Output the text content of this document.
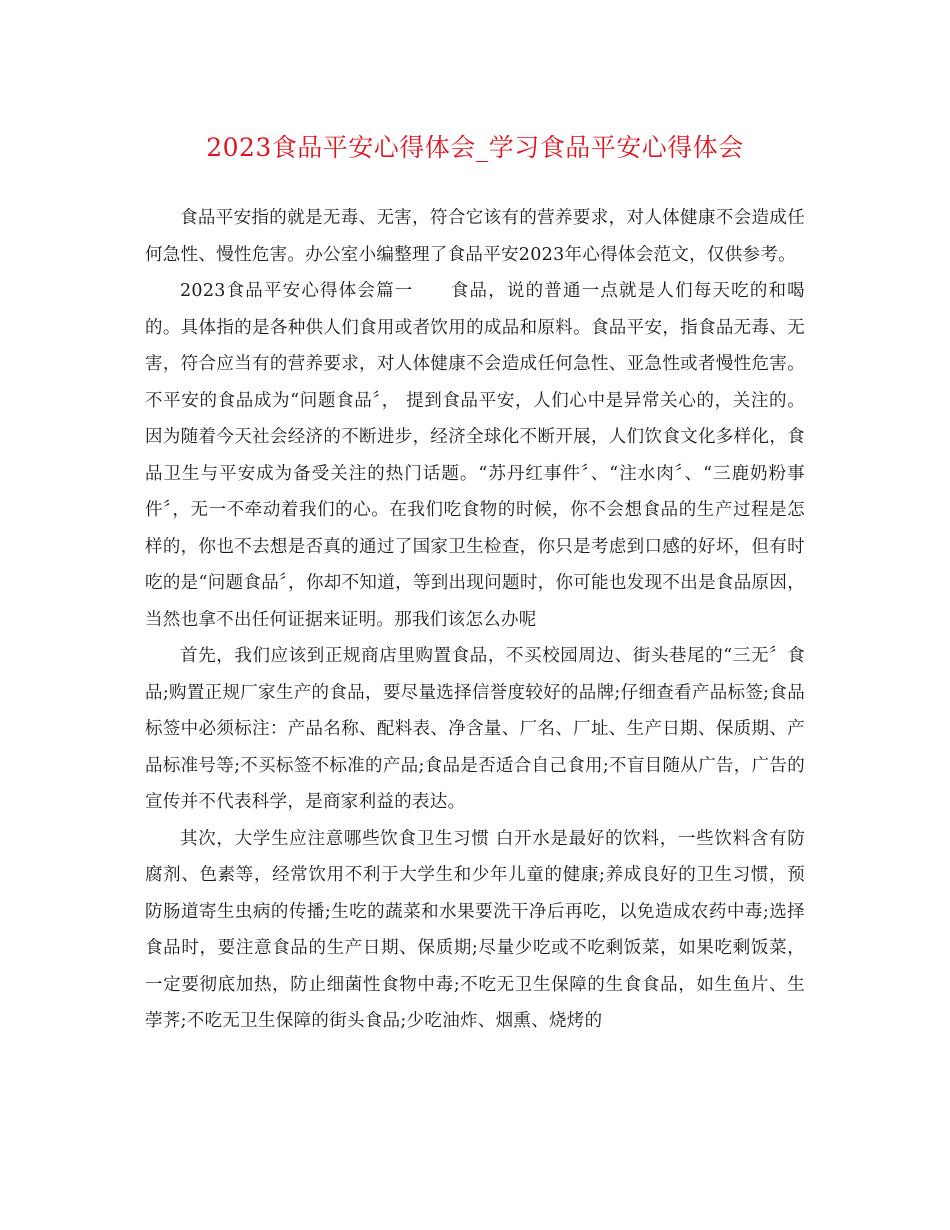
2023食品平安心得体会_学习食品平安心得体会

食品平安指的就是无毒、无害，符合它该有的营养要求，对人体健康不会造成任何急性、慢性危害。办公室小编整理了食品平安2023年心得体会范文，仅供参考。

2023食品平安心得体会篇一　　食品，说的普通一点就是人们每天吃的和喝的。具体指的是各种供人们食用或者饮用的成品和原料。食品平安，指食品无毒、无害，符合应当有的营养要求，对人体健康不会造成任何急性、亚急性或者慢性危害。不平安的食品成为“问题食品〞， 提到食品平安，人们心中是异常关心的，关注的。因为随着今天社会经济的不断进步，经济全球化不断开展，人们饮食文化多样化，食品卫生与平安成为备受关注的热门话题。“苏丹红事件〞、“注水肉〞、“三鹿奶粉事件〞，无一不牵动着我们的心。在我们吃食物的时候，你不会想食品的生产过程是怎样的，你也不去想是否真的通过了国家卫生检查，你只是考虑到口感的好坏，但有时吃的是“问题食品〞，你却不知道，等到出现问题时，你可能也发现不出是食品原因，当然也拿不出任何证据来证明。那我们该怎么办呢

首先，我们应该到正规商店里购置食品，不买校园周边、街头巷尾的“三无〞食品;购置正规厂家生产的食品，要尽量选择信誉度较好的品牌;仔细查看产品标签;食品标签中必须标注：产品名称、配料表、净含量、厂名、厂址、生产日期、保质期、产品标准号等;不买标签不标准的产品;食品是否适合自己食用;不盲目随从广告，广告的宣传并不代表科学，是商家利益的表达。

其次，大学生应注意哪些饮食卫生习惯 白开水是最好的饮料，一些饮料含有防腐剂、色素等，经常饮用不利于大学生和少年儿童的健康;养成良好的卫生习惯，预防肠道寄生虫病的传播;生吃的蔬菜和水果要洗干净后再吃，以免造成农药中毒;选择食品时，要注意食品的生产日期、保质期;尽量少吃或不吃剩饭菜，如果吃剩饭菜，一定要彻底加热，防止细菌性食物中毒;不吃无卫生保障的生食食品，如生鱼片、生荸荠;不吃无卫生保障的街头食品;少吃油炸、烟熏、烧烤的
